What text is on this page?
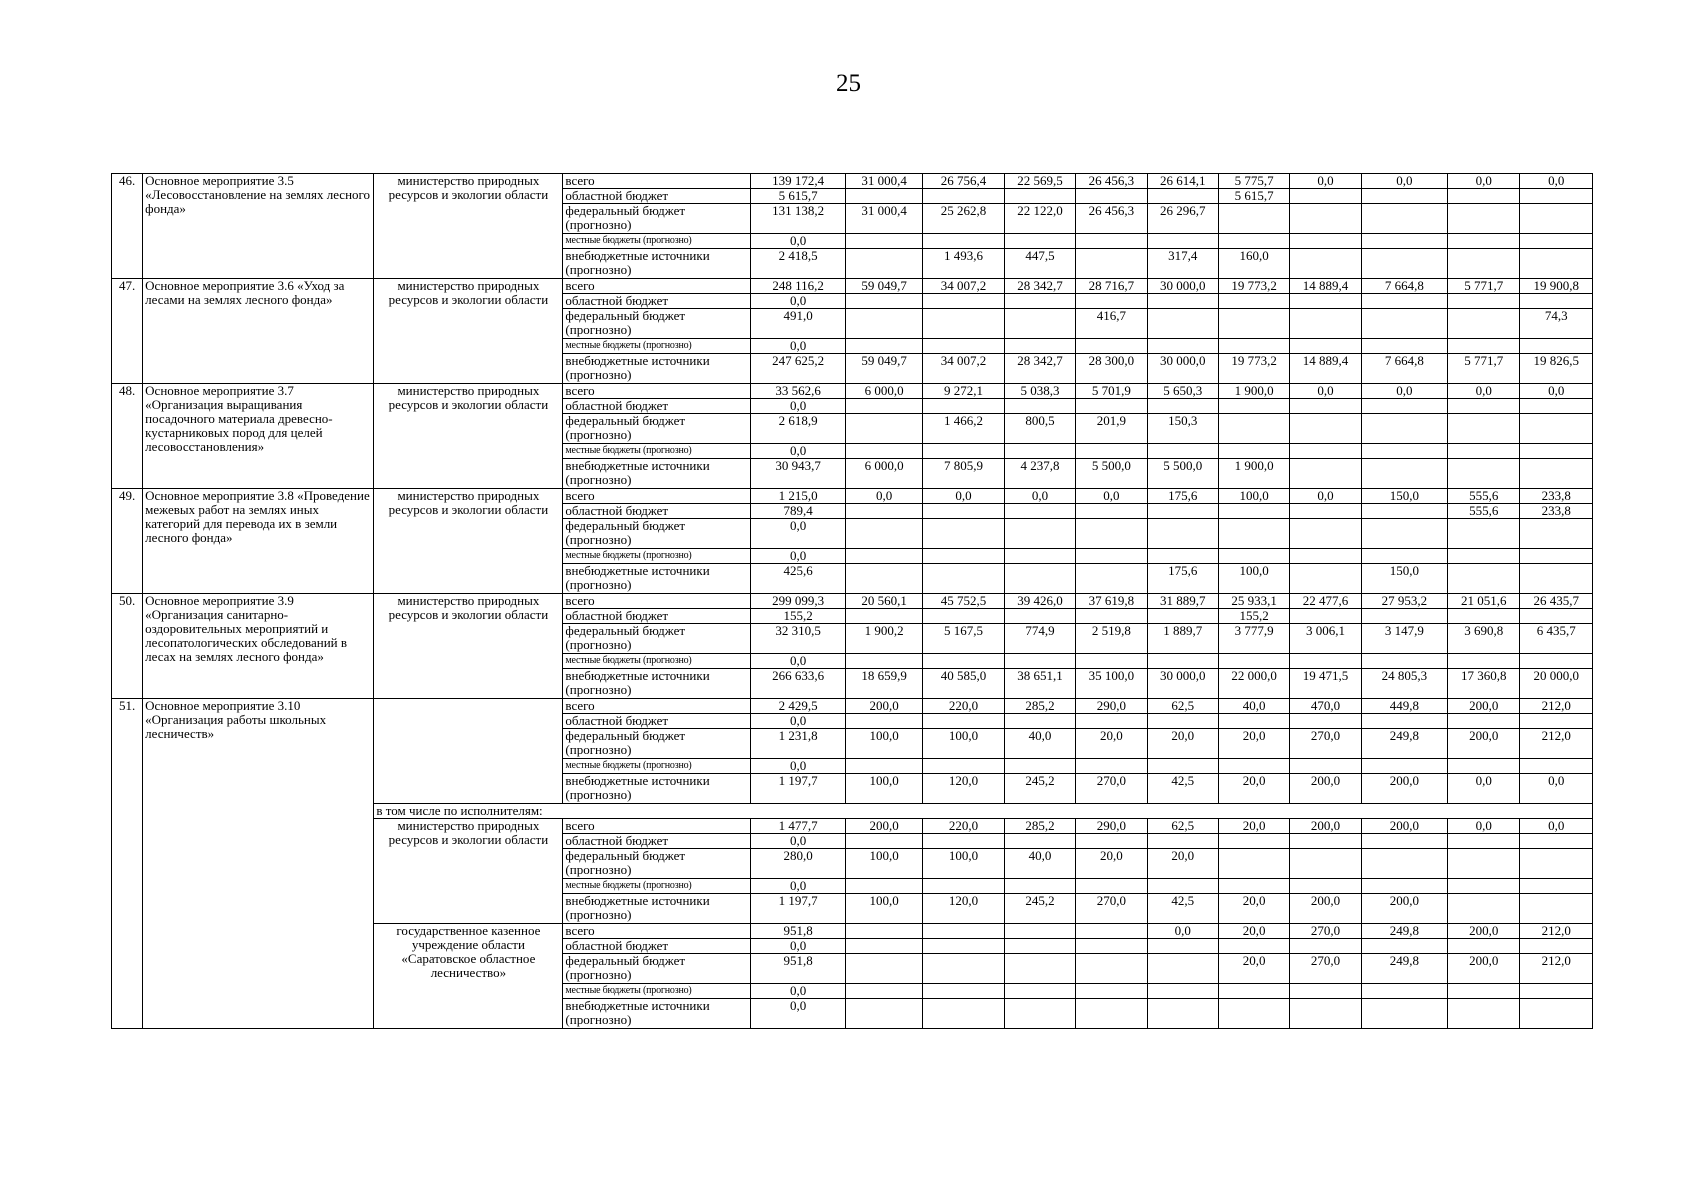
25
46.	Основное мероприятие 3.5 «Лесовосстановление на землях лесного фонда»	министерство природных ресурсов и экологии области	всего	139 172,4	31 000,4	26 756,4	22 569,5	26 456,3	26 614,1	5 775,7	0,0	0,0	0,0	0,0
			областной бюджет	5 615,7						5 615,7				
			федеральный бюджет (прогнозно)	131 138,2	31 000,4	25 262,8	22 122,0	26 456,3	26 296,7					
			местные бюджеты (прогнозно)	0,0										
			внебюджетные источники (прогнозно)	2 418,5		1 493,6	447,5		317,4	160,0				
47.	Основное мероприятие 3.6 «Уход за лесами на землях лесного фонда»	министерство природных ресурсов и экологии области	всего	248 116,2	59 049,7	34 007,2	28 342,7	28 716,7	30 000,0	19 773,2	14 889,4	7 664,8	5 771,7	19 900,8
			областной бюджет	0,0										
			федеральный бюджет (прогнозно)	491,0				416,7						74,3
			местные бюджеты (прогнозно)	0,0										
			внебюджетные источники (прогнозно)	247 625,2	59 049,7	34 007,2	28 342,7	28 300,0	30 000,0	19 773,2	14 889,4	7 664,8	5 771,7	19 826,5
48.	Основное мероприятие 3.7 «Организация выращивания посадочного материала древесно-кустарниковых пород для целей лесовосстановления»	министерство природных ресурсов и экологии области	всего	33 562,6	6 000,0	9 272,1	5 038,3	5 701,9	5 650,3	1 900,0	0,0	0,0	0,0	0,0
			областной бюджет	0,0										
			федеральный бюджет (прогнозно)	2 618,9		1 466,2	800,5	201,9	150,3					
			местные бюджеты (прогнозно)	0,0										
			внебюджетные источники (прогнозно)	30 943,7	6 000,0	7 805,9	4 237,8	5 500,0	5 500,0	1 900,0				
49.	Основное мероприятие 3.8 «Проведение межевых работ на землях иных категорий для перевода их в земли лесного фонда»	министерство природных ресурсов и экологии области	всего	1 215,0	0,0	0,0	0,0	0,0	175,6	100,0	0,0	150,0	555,6	233,8
			областной бюджет	789,4									555,6	233,8
			федеральный бюджет (прогнозно)	0,0										
			местные бюджеты (прогнозно)	0,0										
			внебюджетные источники (прогнозно)	425,6					175,6	100,0		150,0		
50.	Основное мероприятие 3.9 «Организация санитарно-оздоровительных мероприятий и лесопатологических обследований в лесах на землях лесного фонда»	министерство природных ресурсов и экологии области	всего	299 099,3	20 560,1	45 752,5	39 426,0	37 619,8	31 889,7	25 933,1	22 477,6	27 953,2	21 051,6	26 435,7
			областной бюджет	155,2						155,2				
			федеральный бюджет (прогнозно)	32 310,5	1 900,2	5 167,5	774,9	2 519,8	1 889,7	3 777,9	3 006,1	3 147,9	3 690,8	6 435,7
			местные бюджеты (прогнозно)	0,0										
			внебюджетные источники (прогнозно)	266 633,6	18 659,9	40 585,0	38 651,1	35 100,0	30 000,0	22 000,0	19 471,5	24 805,3	17 360,8	20 000,0
51.	Основное мероприятие 3.10 «Организация работы школьных лесничеств»		всего	2 429,5	200,0	220,0	285,2	290,0	62,5	40,0	470,0	449,8	200,0	212,0
			областной бюджет	0,0										
			федеральный бюджет (прогнозно)	1 231,8	100,0	100,0	40,0	20,0	20,0	20,0	270,0	249,8	200,0	212,0
			местные бюджеты (прогнозно)	0,0										
			внебюджетные источники (прогнозно)	1 197,7	100,0	120,0	245,2	270,0	42,5	20,0	200,0	200,0	0,0	0,0
		в том числе по исполнителям:												
		министерство природных ресурсов и экологии области	всего	1 477,7	200,0	220,0	285,2	290,0	62,5	20,0	200,0	200,0	0,0	0,0
			областной бюджет	0,0										
			федеральный бюджет (прогнозно)	280,0	100,0	100,0	40,0	20,0	20,0					
			местные бюджеты (прогнозно)	0,0										
			внебюджетные источники (прогнозно)	1 197,7	100,0	120,0	245,2	270,0	42,5	20,0	200,0	200,0		
		государственное казенное учреждение области «Саратовское областное лесничество»	всего	951,8					0,0	20,0	270,0	249,8	200,0	212,0
			областной бюджет	0,0										
			федеральный бюджет (прогнозно)	951,8						20,0	270,0	249,8	200,0	212,0
			местные бюджеты (прогнозно)	0,0										
			внебюджетные источники (прогнозно)	0,0										
